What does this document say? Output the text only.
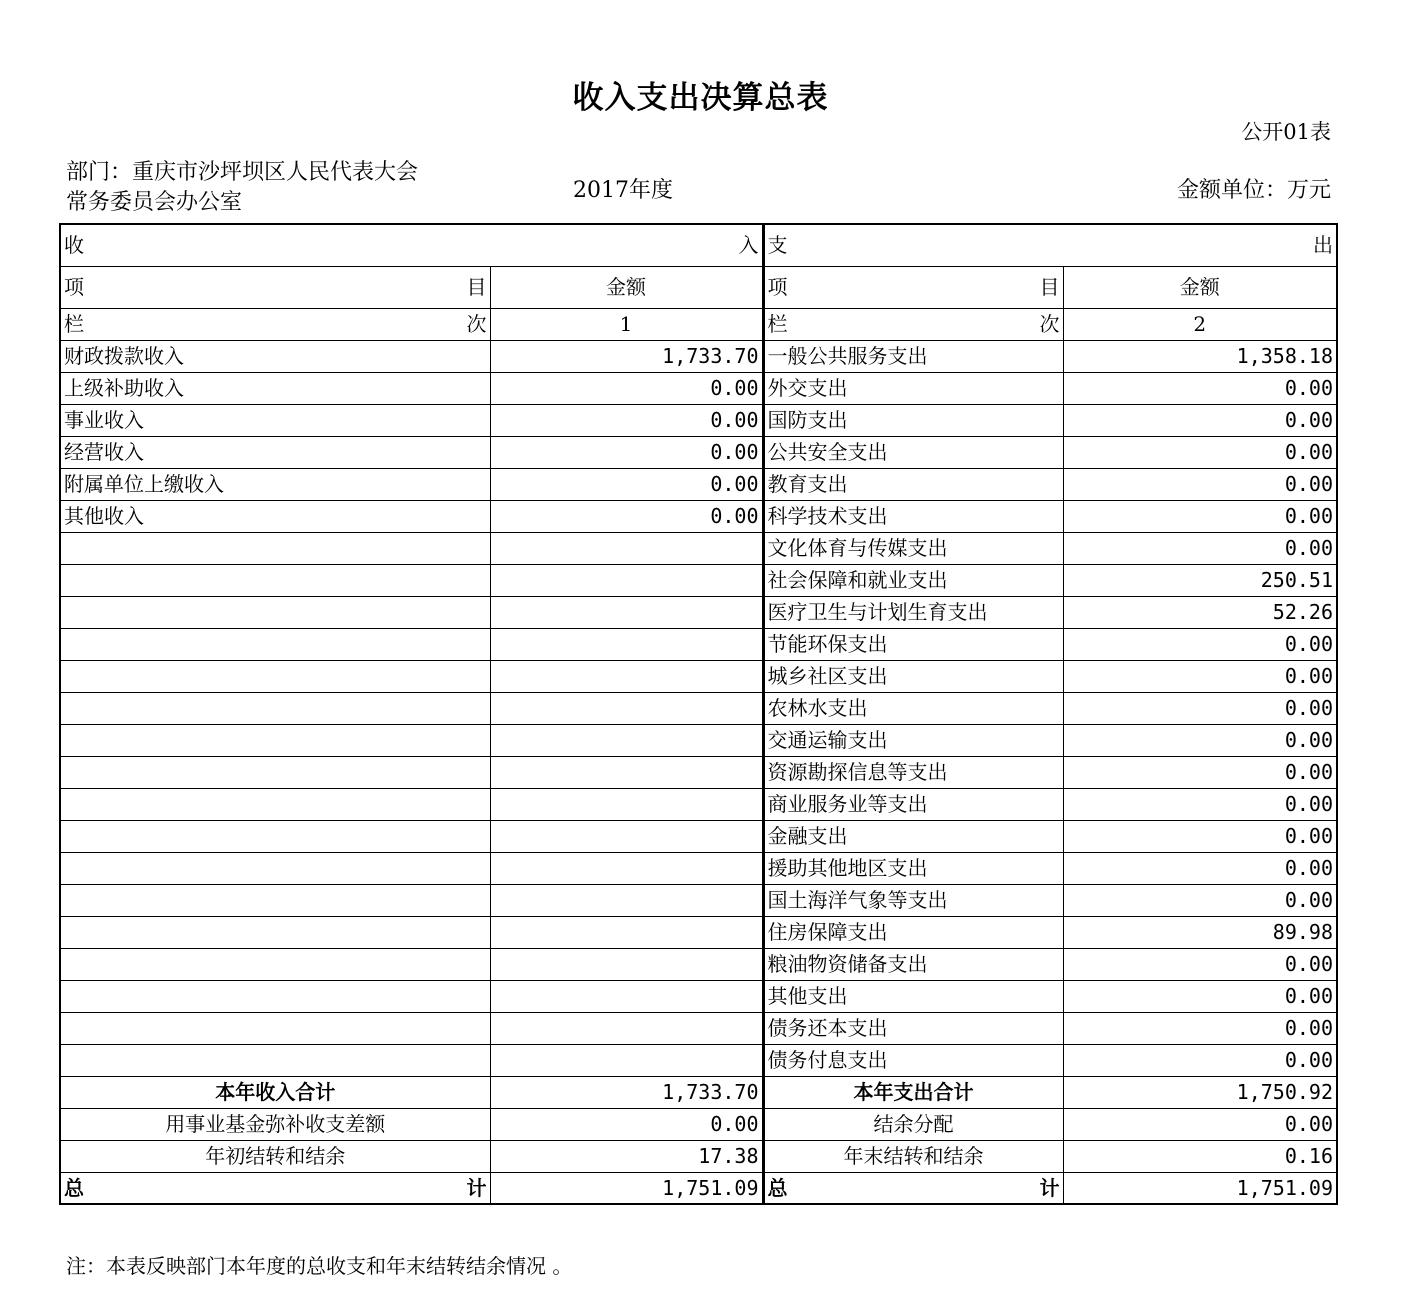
收入支出决算总表
公开01表
部门：重庆市沙坪坝区人民代表大会
常务委员会办公室	2017年度	金额单位：万元
收 入		支 出	

项 目	金额	项 目	金额

栏 次	1	栏 次	2
财政拨款收入	1,733.70	一般公共服务支出	1,358.18
上级补助收入	0.00	外交支出	0.00
事业收入	0.00	国防支出	0.00
经营收入	0.00	公共安全支出	0.00
附属单位上缴收入	0.00	教育支出	0.00
其他收入	0.00	科学技术支出	0.00
		文化体育与传媒支出	0.00
		社会保障和就业支出	250.51
		医疗卫生与计划生育支出	52.26
		节能环保支出	0.00
		城乡社区支出	0.00
		农林水支出	0.00
		交通运输支出	0.00
		资源勘探信息等支出	0.00
		商业服务业等支出	0.00
		金融支出	0.00
		援助其他地区支出	0.00
		国土海洋气象等支出	0.00
		住房保障支出	89.98
		粮油物资储备支出	0.00
		其他支出	0.00
		债务还本支出	0.00
		债务付息支出	0.00
本年收入合计	1,733.70	本年支出合计	1,750.92
用事业基金弥补收支差额	0.00	结余分配	0.00
年初结转和结余	17.38	年末结转和结余	0.16

总 计	1,751.09	总 计	1,751.09
注：本表反映部门本年度的总收支和年末结转结余情况 。
